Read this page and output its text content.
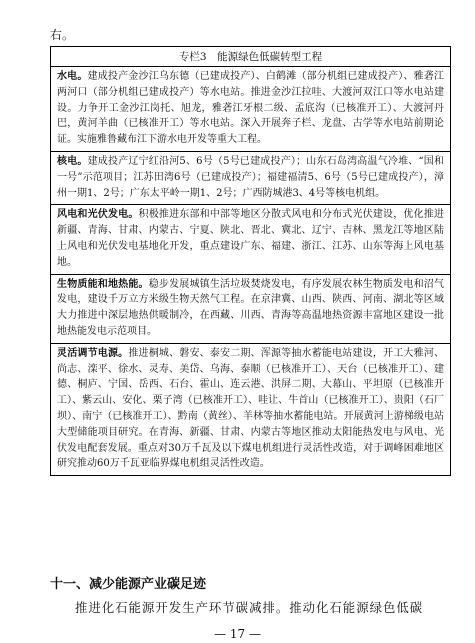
右。
专栏3　能源绿色低碳转型工程
水电。建成投产金沙江乌东德（已建成投产）、白鹤滩（部分机组已建成投产）、雅砻江两河口（部分机组已建成投产）等水电站。推进金沙江拉哇、大渡河双江口等水电站建设。力争开工金沙江岗托、旭龙，雅砻江牙根二级、孟底沟（已核准开工）、大渡河丹巴，黄河羊曲（已核准开工）等水电站。深入开展奔子栏、龙盘、古学等水电站前期论证。实施雅鲁藏布江下游水电开发等重大工程。
核电。建成投产辽宁红沿河5、6号（5号已建成投产）；山东石岛湾高温气冷堆、“国和一号”示范项目；江苏田湾6号（已建成投产）；福建福清5、6号（5号已建成投产），漳州一期1、2号；广东太平岭一期1、2号；广西防城港3、4号等核电机组。
风电和光伏发电。积极推进东部和中部等地区分散式风电和分布式光伏建设，优化推进新疆、青海、甘肃、内蒙古、宁夏、陕北、晋北、冀北、辽宁、吉林、黑龙江等地区陆上风电和光伏发电基地化开发，重点建设广东、福建、浙江、江苏、山东等海上风电基地。
生物质能和地热能。稳步发展城镇生活垃圾焚烧发电，有序发展农林生物质发电和沼气发电，建设千万立方米级生物天然气工程。在京津冀、山西、陕西、河南、湖北等区域大力推进中深层地热供暖制冷，在西藏、川西、青海等高温地热资源丰富地区建设一批地热能发电示范项目。
灵活调节电源。推进桐城、磐安、泰安二期、浑源等抽水蓄能电站建设，开工大雅河、尚志、滦平、徐水、灵寿、美岱、乌海、泰顺（已核准开工）、天台（已核准开工）、建德、桐庐、宁国、岳西、石台、霍山、连云港、洪屏二期、大幕山、平坦原（已核准开工）、紫云山、安化、栗子湾（已核准开工）、哇让、牛首山（已核准开工）、贵阳（石厂坝）、南宁（已核准开工）、黔南（黄丝）、羊林等抽水蓄能电站。开展黄河上游梯级电站大型储能项目研究。在青海、新疆、甘肃、内蒙古等地区推动太阳能热发电与风电、光伏发电配套发展。重点对30万千瓦及以下煤电机组进行灵活性改造，对于调峰困难地区研究推动60万千瓦亚临界煤电机组灵活性改造。
十一、减少能源产业碳足迹
推进化石能源开发生产环节碳减排。推动化石能源绿色低碳
— 17 —
